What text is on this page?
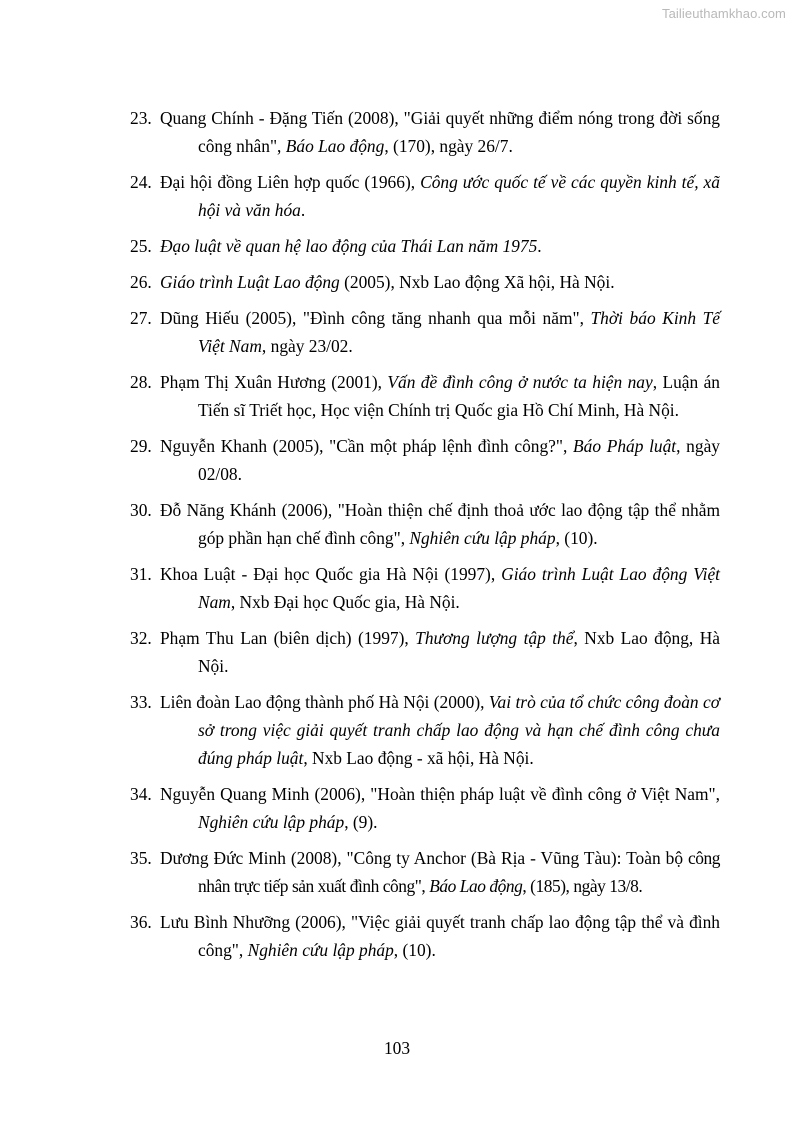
Tailieuthamkhao.com
23. Quang Chính - Đặng Tiến (2008), "Giải quyết những điểm nóng trong đời sống công nhân", Báo Lao động, (170), ngày 26/7.
24. Đại hội đồng Liên hợp quốc (1966), Công ước quốc tế về các quyền kinh tế, xã hội và văn hóa.
25. Đạo luật về quan hệ lao động của Thái Lan năm 1975.
26. Giáo trình Luật Lao động (2005), Nxb Lao động Xã hội, Hà Nội.
27. Dũng Hiếu (2005), "Đình công tăng nhanh qua mỗi năm", Thời báo Kinh Tế Việt Nam, ngày 23/02.
28. Phạm Thị Xuân Hương (2001), Vấn đề đình công ở nước ta hiện nay, Luận án Tiến sĩ Triết học, Học viện Chính trị Quốc gia Hồ Chí Minh, Hà Nội.
29. Nguyễn Khanh (2005), "Cần một pháp lệnh đình công?", Báo Pháp luật, ngày 02/08.
30. Đỗ Năng Khánh (2006), "Hoàn thiện chế định thoả ước lao động tập thể nhằm góp phần hạn chế đình công", Nghiên cứu lập pháp, (10).
31. Khoa Luật - Đại học Quốc gia Hà Nội (1997), Giáo trình Luật Lao động Việt Nam, Nxb Đại học Quốc gia, Hà Nội.
32. Phạm Thu Lan (biên dịch) (1997), Thương lượng tập thể, Nxb Lao động, Hà Nội.
33. Liên đoàn Lao động thành phố Hà Nội (2000), Vai trò của tổ chức công đoàn cơ sở trong việc giải quyết tranh chấp lao động và hạn chế đình công chưa đúng pháp luật, Nxb Lao động - xã hội, Hà Nội.
34. Nguyễn Quang Minh (2006), "Hoàn thiện pháp luật về đình công ở Việt Nam", Nghiên cứu lập pháp, (9).
35. Dương Đức Minh (2008), "Công ty Anchor (Bà Rịa - Vũng Tàu): Toàn bộ công nhân trực tiếp sản xuất đình công", Báo Lao động, (185), ngày 13/8.
36. Lưu Bình Nhưỡng (2006), "Việc giải quyết tranh chấp lao động tập thể và đình công", Nghiên cứu lập pháp, (10).
103
